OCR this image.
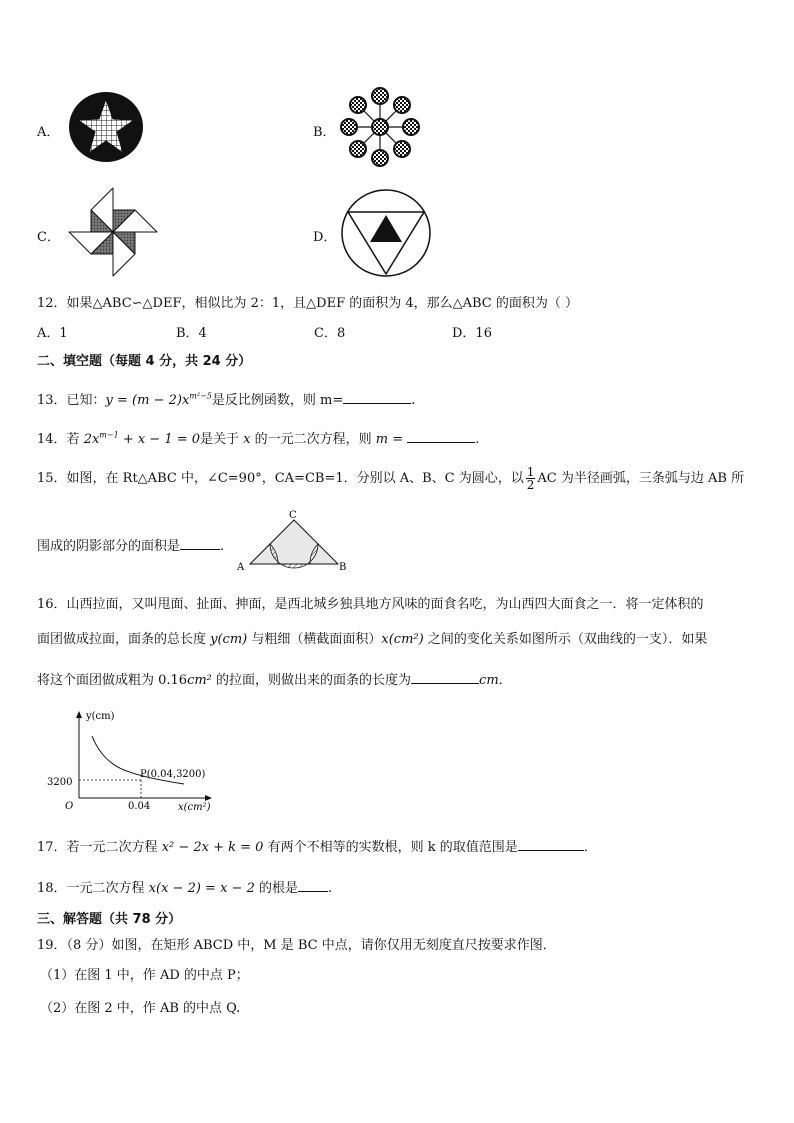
A．	B．
C．	D．
12．如果△ABC∽△DEF，相似比为 2：1，且△DEF 的面积为 4，那么△ABC 的面积为（ ）
A．1	B．4	C．8	D．16
二、填空题（每题 4 分，共 24 分）
13．已知：$y = (m - 2)x^{m^2-5}$是反比例函数，则 m=	.
14．若 $2x^{m-1} + x - 1 = 0$是关于 x 的一元二次方程，则 m =	.
15．如图，在 Rt△ABC 中，∠C=90°，CA=CB=1．分别以 A、B、C 为圆心，以 $\frac{1}{2}$ AC 为半径画弧，三条弧与边 AB 所
围成的阴影部分的面积是	.
A	B
C
16．山西拉面，又叫甩面、扯面、抻面，是西北城乡独具地方风味的面食名吃，为山西四大面食之一．将一定体积的
面团做成拉面，面条的总长度 y(cm) 与粗细（横截面面积）x(cm²) 之间的变化关系如图所示（双曲线的一支）．如果
将这个面团做成粗为 0.16cm² 的拉面，则做出来的面条的长度为	cm．
y(cm)
x(cm²)
O
3200
0.04
P(0.04,3200)
17．若一元二次方程 x² − 2x + k = 0 有两个不相等的实数根，则 k 的取值范围是	．
18．一元二次方程 x(x − 2) = x − 2 的根是 .
三、解答题（共 78 分）
19．（8 分）如图，在矩形 ABCD 中，M 是 BC 中点，请你仅用无刻度直尺按要求作图．
（1）在图 1 中，作 AD 的中点 P；
（2）在图 2 中，作 AB 的中点 Q.
